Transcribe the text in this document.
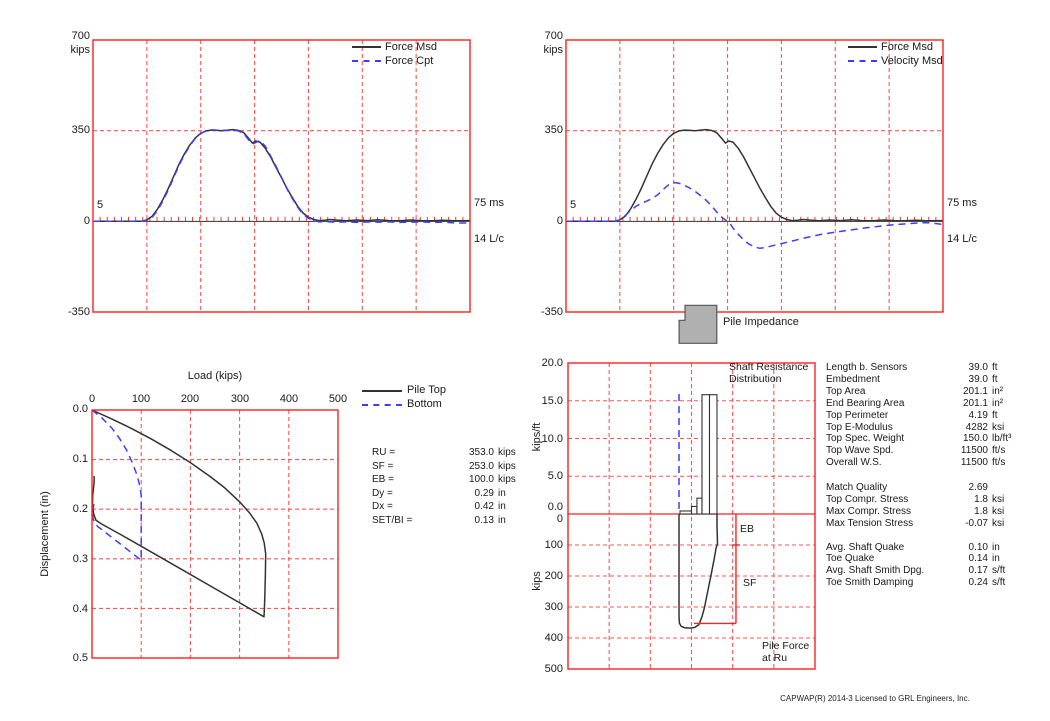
700
kips
350
0
-350
5	75 ms
14 L/c
Force Msd
Force Cpt
700
kips
350
0
-350
5	75 ms
14 L/c
Force Msd
Velocity Msd
Pile Impedance
Load (kips)
0	100	200	300	400	500
0.0
0.1
0.2
0.3
0.4
0.5
Displacement (in)
Pile Top
Bottom
RU =	353.0 kips
SF =	253.0 kips
EB =	100.0 kips
Dy =	0.29 in
Dx =	0.42 in
SET/BI =	0.13 in
20.0
15.0
10.0
5.0
0.0
0
100
200
300
400
500
kips/ft
kips
Shaft Resistance
Distribution
EB
SF
Pile Force
at Ru
Length b. Sensors	39.0 ft
Embedment	39.0 ft
Top Area	201.1 in²
End Bearing Area	201.1 in²
Top Perimeter	4.19 ft
Top E-Modulus	4282 ksi
Top Spec. Weight	150.0 lb/ft³
Top Wave Spd.	11500 ft/s
Overall W.S.	11500 ft/s
Match Quality	2.69

Top Compr. Stress	1.8 ksi
Max Compr. Stress	1.8 ksi
Max Tension Stress	-0.07 ksi

Avg. Shaft Quake	0.10 in
Toe Quake	0.14 in
Avg. Shaft Smith Dpg.	0.17 s/ft
Toe Smith Damping	0.24 s/ft
CAPWAP(R) 2014-3 Licensed to GRL Engineers, Inc.
